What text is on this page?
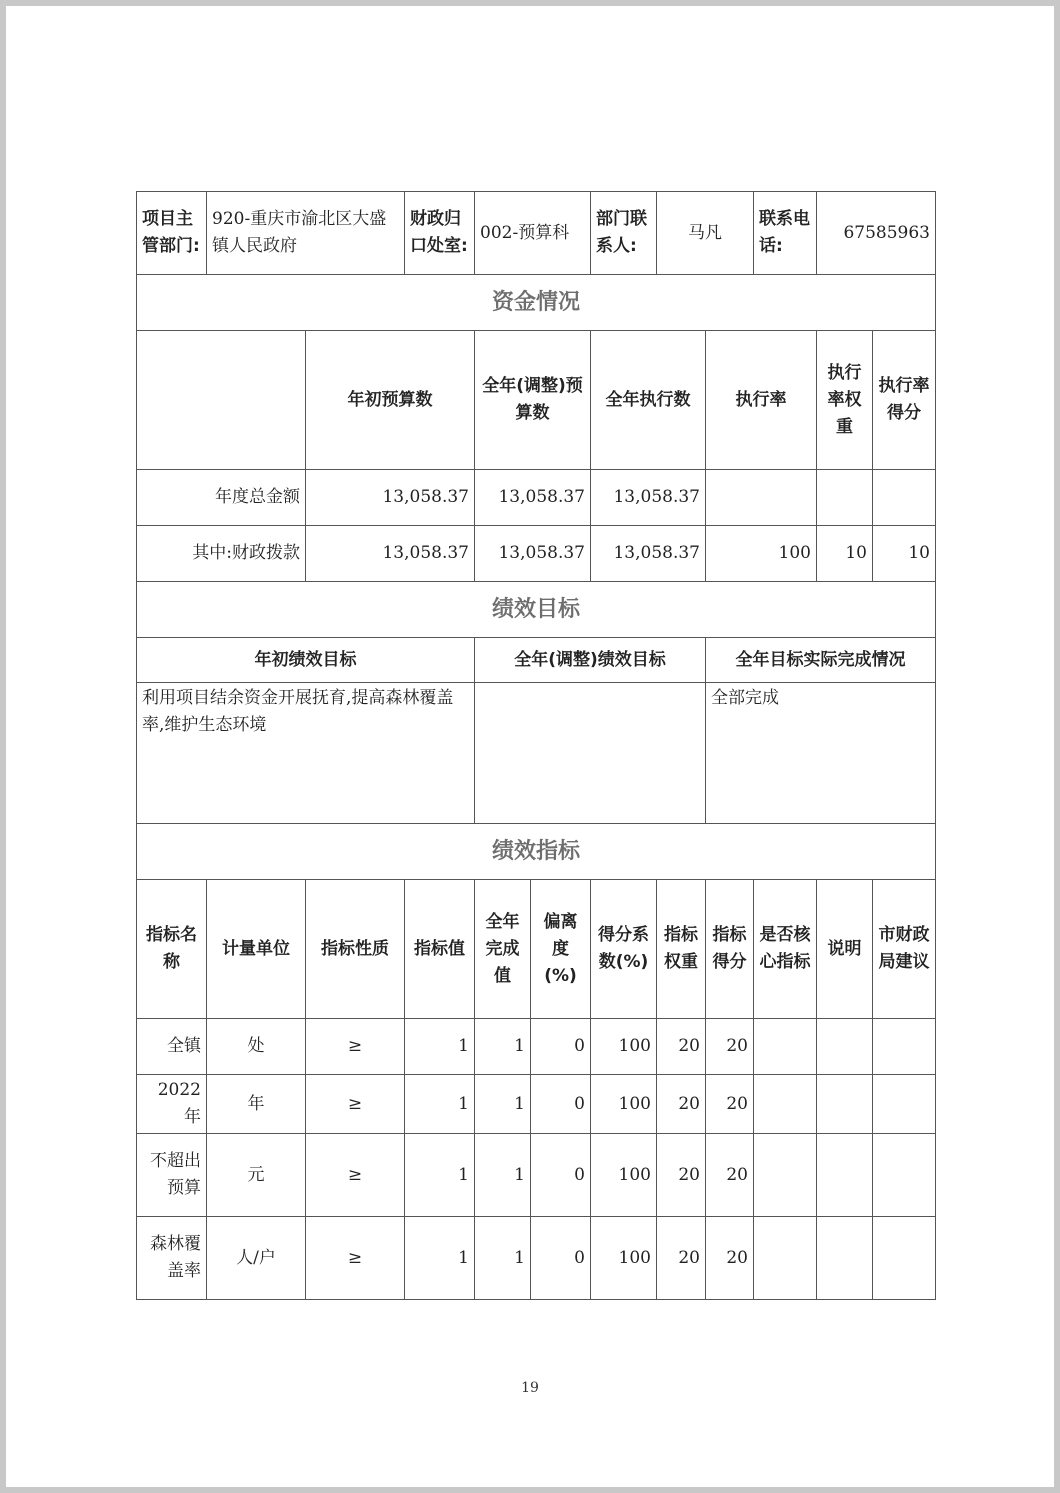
项目主管部门:	920-重庆市渝北区大盛镇人民政府		财政归口处室:	002-预算科		部门联系人:	马凡		联系电话:	67585963	
资金情况											
		年初预算数		全年(调整)预算数		全年执行数		执行率		执行率权重	执行率得分
年度总金额		13,058.37		13,058.37		13,058.37					
其中:财政拨款		13,058.37		13,058.37		13,058.37		100		10	10
绩效目标											
年初绩效目标				全年(调整)绩效目标				全年目标实际完成情况			
利用项目结余资金开展抚育,提高森林覆盖率,维护生态环境								全部完成			
绩效指标											
指标名称	计量单位	指标性质	指标值	全年完成值	偏离度(%)	得分系数(%)	指标权重	指标得分	是否核心指标	说明	市财政局建议
全镇	处	≥	1	1	0	100	20	20			
2022年	年	≥	1	1	0	100	20	20			
不超出预算	元	≥	1	1	0	100	20	20			
森林覆盖率	人/户	≥	1	1	0	100	20	20			
19
